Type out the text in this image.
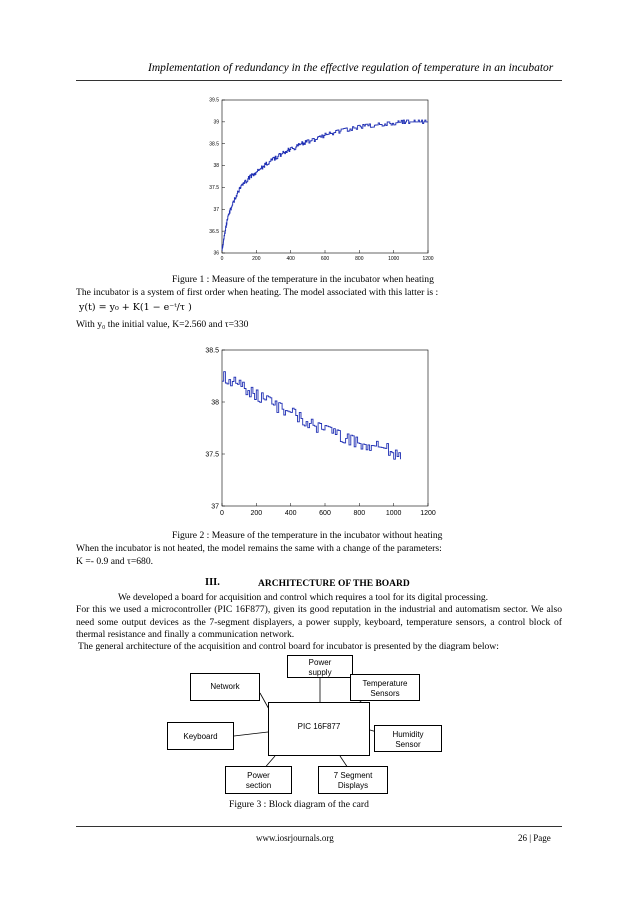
Implementation of redundancy in the effective regulation of temperature in an incubator
0	200	400	600	800	1000	1200
36
36.5
37
37.5
38
38.5
39
39.5
Figure 1 : Measure of the temperature in the incubator when heating
The incubator is a system of first order when heating. The model associated with this latter is :
y(t) = y₀ + K(1 − e⁻ᵗ/τ )
With y₀ the initial value, K=2.560 and τ=330
0	200	400	600	800	1000	1200
37
37.5
38
38.5
Figure 2 : Measure of the temperature in the incubator without heating
When the incubator is not heated, the model remains the same with a change of the parameters:
K =- 0.9 and τ=680.
III.	ARCHITECTURE OF THE BOARD
We developed a board for acquisition and control which requires a tool for its digital processing.
For this we used a microcontroller (PIC 16F877), given its good reputation in the industrial and automatism sector. We also need some output devices as the 7-segment displayers, a power supply, keyboard, temperature sensors, a control block of thermal resistance and finally a communication network.
The general architecture of the acquisition and control board for incubator is presented by the diagram below:
PIC 16F877
Power
supply
Network	Temperature
Sensors
Keyboard	Humidity
Sensor
Power
section
7 Segment
Displays
Figure 3 : Block diagram of the card
www.iosrjournals.org	26 | Page
